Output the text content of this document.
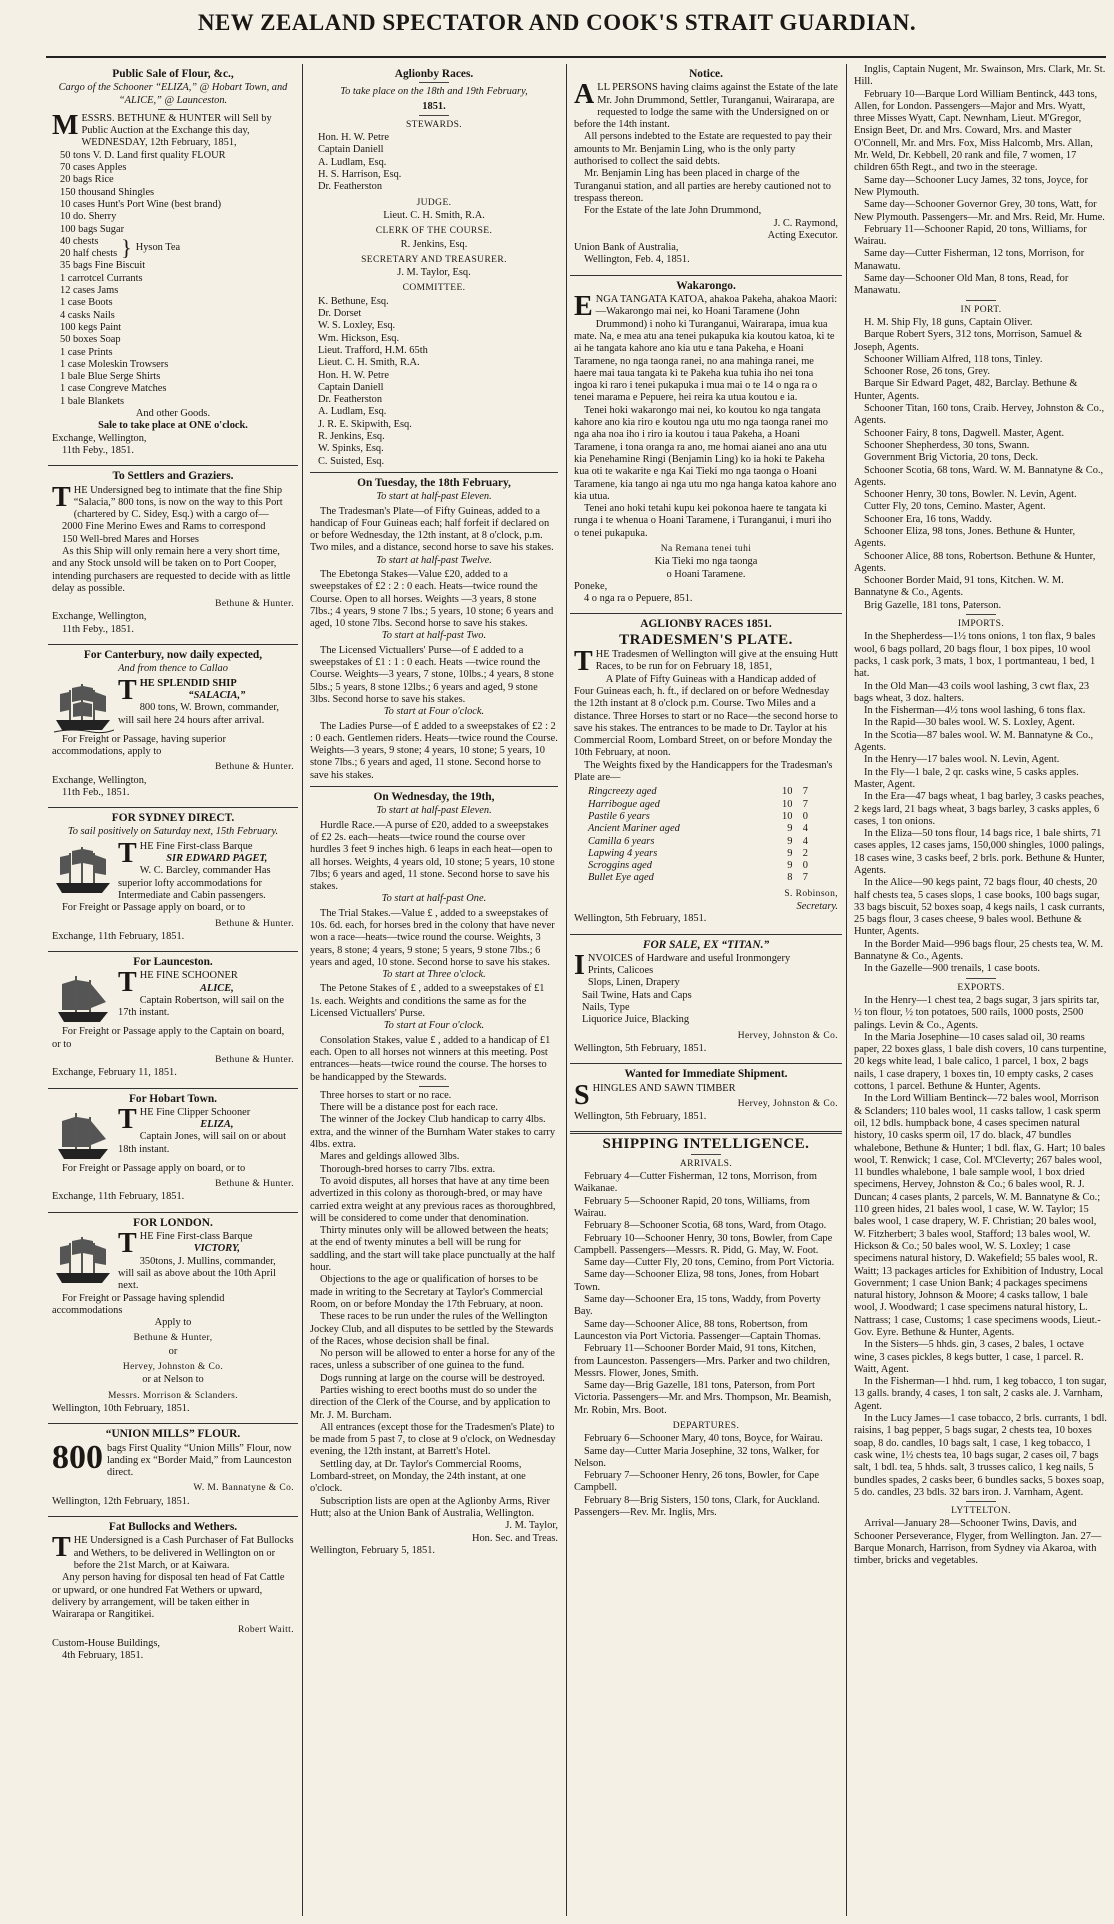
NEW ZEALAND SPECTATOR AND COOK'S STRAIT GUARDIAN.
Public Sale of Flour, &c.,
Cargo of the Schooner “ELIZA,” @ Hobart Town, and “ALICE,” @ Launceston.

MESSRS. BETHUNE & HUNTER will Sell by Public Auction at the Exchange this day, WEDNESDAY, 12th February, 1851,

50 tons V. D. Land first quality FLOUR
70 cases Apples
20 bags Rice
150 thousand Shingles
10 cases Hunt's Port Wine (best brand)
10 do. Sherry
100 bags Sugar
40 chests
20 half chests } Hyson Tea
35 bags Fine Biscuit
1 carrotcel Currants
12 cases Jams
1 case Boots
4 casks Nails
100 kegs Paint
50 boxes Soap
1 case Prints
1 case Moleskin Trowsers
1 bale Blue Serge Shirts
1 case Congreve Matches
1 bale Blankets
And other Goods.
Sale to take place at ONE o'clock.
Exchange, Wellington,
11th Feby., 1851.
To Settlers and Graziers.

THE Undersigned beg to intimate that the fine Ship “Salacia,” 800 tons, is now on the way to this Port (chartered by C. Sidey, Esq.) with a cargo of—

2000 Fine Merino Ewes and Rams to correspond
150 Well-bred Mares and Horses

As this Ship will only remain here a very short time, and any Stock unsold will be taken on to Port Cooper, intending purchasers are requested to decide with as little delay as possible.

Bethune & Hunter.
Exchange, Wellington,
11th Feby., 1851.
For Canterbury, now daily expected,
And from thence to Callao
THE SPLENDID SHIP
“SALACIA,”

800 tons, W. Brown, commander, will sail here 24 hours after arrival.

For Freight or Passage, having superior accommodations, apply to

Bethune & Hunter.
Exchange, Wellington,
11th Feb., 1851.
FOR SYDNEY DIRECT.
To sail positively on Saturday next, 15th February.
THE Fine First-class Barque
SIR EDWARD PAGET,

W. C. Barcley, commander Has superior lofty accommodations for Intermediate and Cabin passengers.

For Freight or Passage apply on board, or to

Bethune & Hunter.
Exchange, 11th February, 1851.
For Launceston.
THE FINE SCHOONER
ALICE,

Captain Robertson, will sail on the 17th instant.

For Freight or Passage apply to the Captain on board, or to

Bethune & Hunter.
Exchange, February 11, 1851.
For Hobart Town.
THE Fine Clipper Schooner
ELIZA,

Captain Jones, will sail on or about 18th instant.

For Freight or Passage apply on board, or to

Bethune & Hunter.
Exchange, 11th February, 1851.
FOR LONDON.
THE Fine First-class Barque
VICTORY,

350tons, J. Mullins, commander, will sail as above about the 10th April next.

For Freight or Passage having splendid accommodations

Apply to
Bethune & Hunter,
or
Hervey, Johnston & Co.
or at Nelson to
Messrs. Morrison & Sclanders.
Wellington, 10th February, 1851.
“UNION MILLS” FLOUR.

800 bags First Quality “Union Mills” Flour, now landing ex “Border Maid,” from Launceston direct.

W. M. Bannatyne & Co.
Wellington, 12th February, 1851.
Fat Bullocks and Wethers.

THE Undersigned is a Cash Purchaser of Fat Bullocks and Wethers, to be delivered in Wellington on or before the 21st March, or at Kaiwara.

Any person having for disposal ten head of Fat Cattle or upward, or one hundred Fat Wethers or upward, delivery by arrangement, will be taken either in Wairarapa or Rangitikei.

Robert Waitt.
Custom-House Buildings,
4th February, 1851.
Aglionby Races.
To take place on the 18th and 19th February,
1851.
STEWARDS.
Hon. H. W. Petre
Captain Daniell
A. Ludlam, Esq.
H. S. Harrison, Esq.
Dr. Featherston
JUDGE.
Lieut. C. H. Smith, R.A.
CLERK OF THE COURSE.
R. Jenkins, Esq.
SECRETARY AND TREASURER.
J. M. Taylor, Esq.
COMMITTEE.
K. Bethune, Esq.
Dr. Dorset
W. S. Loxley, Esq.
Wm. Hickson, Esq.
Lieut. Trafford, H.M. 65th
Lieut. C. H. Smith, R.A.
Hon. H. W. Petre
Captain Daniell
Dr. Featherston
A. Ludlam, Esq.
J. R. E. Skipwith, Esq.
R. Jenkins, Esq.
W. Spinks, Esq.
C. Suisted, Esq.
On Tuesday, the 18th February,
To start at half-past Eleven.

The Tradesman's Plate—of Fifty Guineas, added to a handicap of Four Guineas each; half forfeit if declared on or before Wednesday, the 12th instant, at 8 o'clock, p.m. Two miles, and a distance, second horse to save his stakes.

To start at half-past Twelve.

The Ebetonga Stakes—Value £20, added to a sweepstakes of £2 : 2 : 0 each. Heats—twice round the Course. Open to all horses. Weights —3 years, 8 stone 7lbs.; 4 years, 9 stone 7 lbs.; 5 years, 10 stone; 6 years and aged, 10 stone 7lbs. Second horse to save his stakes.

To start at half-past Two.

The Licensed Victuallers' Purse—of £ added to a sweepstakes of £1 : 1 : 0 each. Heats —twice round the Course. Weights—3 years, 7 stone, 10lbs.; 4 years, 8 stone 5lbs.; 5 years, 8 stone 12lbs.; 6 years and aged, 9 stone 3lbs. Second horse to save his stakes.

To start at Four o'clock.

The Ladies Purse—of £ added to a sweepstakes of £2 : 2 : 0 each. Gentlemen riders. Heats—twice round the Course. Weights—3 years, 9 stone; 4 years, 10 stone; 5 years, 10 stone 7lbs.; 6 years and aged, 11 stone. Second horse to save his stakes.

On Wednesday, the 19th,
To start at half-past Eleven.

Hurdle Race.—A purse of £20, added to a sweepstakes of £2 2s. each—heats—twice round the course over hurdles 3 feet 9 inches high. 6 leaps in each heat—open to all horses. Weights, 4 years old, 10 stone; 5 years, 10 stone 7lbs; 6 years and aged, 11 stone. Second horse to save his stakes.

To start at half-past One.

The Trial Stakes.—Value £ , added to a sweepstakes of 10s. 6d. each, for horses bred in the colony that have never won a race—heats—twice round the course. Weights, 3 years, 8 stone; 4 years, 9 stone; 5 years, 9 stone 7lbs.; 6 years and aged, 10 stone. Second horse to save his stakes.

To start at Three o'clock.

The Petone Stakes of £ , added to a sweepstakes of £1 1s. each. Weights and conditions the same as for the Licensed Victuallers' Purse.

To start at Four o'clock.

Consolation Stakes, value £ , added to a handicap of £1 each. Open to all horses not winners at this meeting. Post entrances—heats—twice round the course. The horses to be handicapped by the Stewards.

Three horses to start or no race.
There will be a distance post for each race.
The winner of the Jockey Club handicap to carry 4lbs. extra, and the winner of the Burnham Water stakes to carry 4lbs. extra.
Mares and geldings allowed 3lbs.
Thorough-bred horses to carry 7lbs. extra.
To avoid disputes, all horses that have at any time been advertized in this colony as thorough-bred, or may have carried extra weight at any previous races as thoroughbred, will be considered to come under that denomination.
Thirty minutes only will be allowed between the heats; at the end of twenty minutes a bell will be rung for saddling, and the start will take place punctually at the half hour.
Objections to the age or qualification of horses to be made in writing to the Secretary at Taylor's Commercial Room, on or before Monday the 17th February, at noon.
These races to be run under the rules of the Wellington Jockey Club, and all disputes to be settled by the Stewards of the Races, whose decision shall be final.
No person will be allowed to enter a horse for any of the races, unless a subscriber of one guinea to the fund.
Dogs running at large on the course will be destroyed.
Parties wishing to erect booths must do so under the direction of the Clerk of the Course, and by application to Mr. J. M. Burcham.
All entrances (except those for the Tradesmen's Plate) to be made from 5 past 7, to close at 9 o'clock, on Wednesday evening, the 12th instant, at Barrett's Hotel.
Settling day, at Dr. Taylor's Commercial Rooms, Lombard-street, on Monday, the 24th instant, at one o'clock.
Subscription lists are open at the Aglionby Arms, River Hutt; also at the Union Bank of Australia, Wellington.
J. M. Taylor,
Hon. Sec. and Treas.
Wellington, February 5, 1851.
Notice.

ALL PERSONS having claims against the Estate of the late Mr. John Drummond, Settler, Turanganui, Wairarapa, are requested to lodge the same with the Undersigned on or before the 14th instant.

All persons indebted to the Estate are requested to pay their amounts to Mr. Benjamin Ling, who is the only party authorised to collect the said debts.

Mr. Benjamin Ling has been placed in charge of the Turanganui station, and all parties are hereby cautioned not to trespass thereon.

For the Estate of the late John Drummond,

J. C. Raymond,
Acting Executor.
Union Bank of Australia,
Wellington, Feb. 4, 1851.
Wakarongo.

ENGA TANGATA KATOA, ahakoa Pakeha, ahakoa Maori:—Wakarongo mai nei, ko Hoani Taramene (John Drummond) i noho ki Turanganui, Wairarapa, imua kua mate. Na, e mea atu ana tenei pukapuka kia koutou katoa, ki te ai he tangata kahore ano kia utu e tana Pakeha, e Hoani Taramene, no nga taonga ranei, no ana mahinga ranei, me haere mai taua tangata ki te Pakeha kua tuhia iho nei tona ingoa ki raro i tenei pukapuka i mua mai o te 14 o nga ra o tenei marama e Pepuere, hei reira ka utua koutou e ia.

Tenei hoki wakarongo mai nei, ko koutou ko nga tangata kahore ano kia riro e koutou nga utu mo nga taonga ranei mo nga aha noa iho i riro ia koutou i taua Pakeha, a Hoani Taramene, i tona oranga ra ano, me homai aianei ano ana utu kia Penehamine Ringi (Benjamin Ling) ko ia hoki te Pakeha kua oti te wakarite e nga Kai Tieki mo nga taonga o Hoani Taramene, kia tango ai nga utu mo nga hanga katoa kahore ano kia utua.

Tenei ano hoki tetahi kupu kei pokonoa haere te tangata ki runga i te whenua o Hoani Taramene, i Turanganui, i muri iho o tenei pukapuka.

Na Remana tenei tuhi
Kia Tieki mo nga taonga
o Hoani Taramene.
Poneke,
4 o nga ra o Pepuere, 851.
AGLIONBY RACES 1851.
TRADESMEN'S PLATE.

THE Tradesmen of Wellington will give at the ensuing Hutt Races, to be run for on February 18, 1851,

A Plate of Fifty Guineas with a Handicap added of Four Guineas each, h. ft., if declared on or before Wednesday the 12th instant at 8 o'clock p.m. Course. Two Miles and a distance. Three Horses to start or no Race—the second horse to save his stakes. The entrances to be made to Dr. Taylor at his Commercial Room, Lombard Street, on or before Monday the 10th February, at noon.

The Weights fixed by the Handicappers for the Tradesman's Plate are—

Ringcreezy aged	10  7
Harribogue aged	10  7
Pastile 6 years	10  0
Ancient Mariner aged	9  4
Camilla 6 years	9  4
Lapwing 4 years	9  2
Scroggins aged	9  0
Bullet Eye aged	8  7
S. Robinson,
Secretary.
Wellington, 5th February, 1851.
FOR SALE, EX “TITAN.”

INVOICES of Hardware and useful Ironmongery

Prints, Calicoes
Slops, Linen, Drapery
Sail Twine, Hats and Caps
Nails, Type
Liquorice Juice, Blacking
Hervey, Johnston & Co.
Wellington, 5th February, 1851.
Wanted for Immediate Shipment.

SHINGLES AND SAWN TIMBER

Hervey, Johnston & Co.
Wellington, 5th February, 1851.
SHIPPING INTELLIGENCE.
ARRIVALS.
February 4—Cutter Fisherman, 12 tons, Morrison, from Waikanae.
February 5—Schooner Rapid, 20 tons, Williams, from Wairau.
February 8—Schooner Scotia, 68 tons, Ward, from Otago.
February 10—Schooner Henry, 30 tons, Bowler, from Cape Campbell. Passengers—Messrs. R. Pidd, G. May, W. Foot.
Same day—Cutter Fly, 20 tons, Cemino, from Port Victoria.
Same day—Schooner Eliza, 98 tons, Jones, from Hobart Town.
Same day—Schooner Era, 15 tons, Waddy, from Poverty Bay.
Same day—Schooner Alice, 88 tons, Robertson, from Launceston via Port Victoria. Passenger—Captain Thomas.
February 11—Schooner Border Maid, 91 tons, Kitchen, from Launceston. Passengers—Mrs. Parker and two children, Messrs. Flower, Jones, Smith.
Same day—Brig Gazelle, 181 tons, Paterson, from Port Victoria. Passengers—Mr. and Mrs. Thompson, Mr. Beamish, Mr. Robin, Mrs. Boot.
DEPARTURES.
February 6—Schooner Mary, 40 tons, Boyce, for Wairau.
Same day—Cutter Maria Josephine, 32 tons, Walker, for Nelson.
February 7—Schooner Henry, 26 tons, Bowler, for Cape Campbell.
February 8—Brig Sisters, 150 tons, Clark, for Auckland. Passengers—Rev. Mr. Inglis, Mrs.
Inglis, Captain Nugent, Mr. Swainson, Mrs. Clark, Mr. St. Hill.
February 10—Barque Lord William Bentinck, 443 tons, Allen, for London. Passengers—Major and Mrs. Wyatt, three Misses Wyatt, Capt. Newnham, Lieut. M'Gregor, Ensign Beet, Dr. and Mrs. Coward, Mrs. and Master O'Connell, Mr. and Mrs. Fox, Miss Halcomb, Mrs. Allan, Mr. Weld, Dr. Kebbell, 20 rank and file, 7 women, 17 children 65th Regt., and two in the steerage.
Same day—Schooner Lucy James, 32 tons, Joyce, for New Plymouth.
Same day—Schooner Governor Grey, 30 tons, Watt, for New Plymouth. Passengers—Mr. and Mrs. Reid, Mr. Hume.
February 11—Schooner Rapid, 20 tons, Williams, for Wairau.
Same day—Cutter Fisherman, 12 tons, Morrison, for Manawatu.
Same day—Schooner Old Man, 8 tons, Read, for Manawatu.
IN PORT.
H. M. Ship Fly, 18 guns, Captain Oliver.
Barque Robert Syers, 312 tons, Morrison, Samuel & Joseph, Agents.
Schooner William Alfred, 118 tons, Tinley.
Schooner Rose, 26 tons, Grey.
Barque Sir Edward Paget, 482, Barclay. Bethune & Hunter, Agents.
Schooner Titan, 160 tons, Craib. Hervey, Johnston & Co., Agents.
Schooner Fairy, 8 tons, Dagwell. Master, Agent.
Schooner Shepherdess, 30 tons, Swann.
Government Brig Victoria, 20 tons, Deck.
Schooner Scotia, 68 tons, Ward. W. M. Bannatyne & Co., Agents.
Schooner Henry, 30 tons, Bowler. N. Levin, Agent.
Cutter Fly, 20 tons, Cemino. Master, Agent.
Schooner Era, 16 tons, Waddy.
Schooner Eliza, 98 tons, Jones. Bethune & Hunter, Agents.
Schooner Alice, 88 tons, Robertson. Bethune & Hunter, Agents.
Schooner Border Maid, 91 tons, Kitchen. W. M. Bannatyne & Co., Agents.
Brig Gazelle, 181 tons, Paterson.
IMPORTS.
In the Shepherdess—1½ tons onions, 1 ton flax, 9 bales wool, 6 bags pollard, 20 bags flour, 1 box pipes, 10 wool packs, 1 cask pork, 3 mats, 1 box, 1 portmanteau, 1 bed, 1 hat.
In the Old Man—43 coils wool lashing, 3 cwt flax, 23 bags wheat, 3 doz. halters.
In the Fisherman—4½ tons wool lashing, 6 tons flax.
In the Rapid—30 bales wool. W. S. Loxley, Agent.
In the Scotia—87 bales wool. W. M. Bannatyne & Co., Agents.
In the Henry—17 bales wool. N. Levin, Agent.
In the Fly—1 bale, 2 qr. casks wine, 5 casks apples. Master, Agent.
In the Era—47 bags wheat, 1 bag barley, 3 casks peaches, 2 kegs lard, 21 bags wheat, 3 bags barley, 3 casks apples, 6 cases, 1 ton onions.
In the Eliza—50 tons flour, 14 bags rice, 1 bale shirts, 71 cases apples, 12 cases jams, 150,000 shingles, 1000 palings, 18 cases wine, 3 casks beef, 2 brls. pork. Bethune & Hunter, Agents.
In the Alice—90 kegs paint, 72 bags flour, 40 chests, 20 half chests tea, 5 cases slops, 1 case books, 100 bags sugar, 33 bags biscuit, 52 boxes soap, 4 kegs nails, 1 cask currants, 25 bags flour, 3 cases cheese, 9 bales wool. Bethune & Hunter, Agents.
In the Border Maid—996 bags flour, 25 chests tea, W. M. Bannatyne & Co., Agents.
In the Gazelle—900 trenails, 1 case boots.
EXPORTS.
In the Henry—1 chest tea, 2 bags sugar, 3 jars spirits tar, ½ ton flour, ½ ton potatoes, 500 rails, 1000 posts, 2500 palings. Levin & Co., Agents.
In the Maria Josephine—10 cases salad oil, 30 reams paper, 22 boxes glass, 1 bale dish covers, 10 cans turpentine, 20 kegs white lead, 1 bale calico, 1 parcel, 1 box, 2 bags nails, 1 case drapery, 1 boxes tin, 10 empty casks, 2 cases cottons, 1 parcel. Bethune & Hunter, Agents.
In the Lord William Bentinck—72 bales wool, Morrison & Sclanders; 110 bales wool, 11 casks tallow, 1 cask sperm oil, 12 bdls. humpback bone, 4 cases specimen natural history, 10 casks sperm oil, 17 do. black, 47 bundles whalebone, Bethune & Hunter; 1 bdl. flax, G. Hart; 10 bales wool, T. Renwick; 1 case, Col. M'Cleverty; 267 bales wool, 11 bundles whalebone, 1 bale sample wool, 1 box dried specimens, Hervey, Johnston & Co.; 6 bales wool, R. J. Duncan; 4 cases plants, 2 parcels, W. M. Bannatyne & Co.; 110 green hides, 21 bales wool, 1 case, W. W. Taylor; 15 bales wool, 1 case drapery, W. F. Christian; 20 bales wool, W. Fitzherbert; 3 bales wool, Stafford; 13 bales wool, W. Hickson & Co.; 50 bales wool, W. S. Loxley; 1 case specimens natural history, D. Wakefield; 55 bales wool, R. Waitt; 13 packages articles for Exhibition of Industry, Local Government; 1 case Union Bank; 4 packages specimens natural history, Johnson & Moore; 4 casks tallow, 1 bale wool, J. Woodward; 1 case specimens natural history, L. Nattrass; 1 case, Customs; 1 case specimens woods, Lieut.-Gov. Eyre. Bethune & Hunter, Agents.
In the Sisters—5 hhds. gin, 3 cases, 2 bales, 1 octave wine, 3 cases pickles, 8 kegs butter, 1 case, 1 parcel. R. Waitt, Agent.
In the Fisherman—1 hhd. rum, 1 keg tobacco, 1 ton sugar, 13 galls. brandy, 4 cases, 1 ton salt, 2 casks ale. J. Varnham, Agent.
In the Lucy James—1 case tobacco, 2 brls. currants, 1 bdl. raisins, 1 bag pepper, 5 bags sugar, 2 chests tea, 10 boxes soap, 8 do. candles, 10 bags salt, 1 case, 1 keg tobacco, 1 cask wine, 1½ chests tea, 10 bags sugar, 2 cases oil, 7 bags salt, 1 bdl. tea, 5 hhds. salt, 3 trusses calico, 1 keg nails, 5 bundles spades, 2 casks beer, 6 bundles sacks, 5 boxes soap, 5 do. candles, 23 bdls. 32 bars iron. J. Varnham, Agent.
LYTTELTON.

Arrival—January 28—Schooner Twins, Davis, and Schooner Perseverance, Flyger, from Wellington. Jan. 27—Barque Monarch, Harrison, from Sydney via Akaroa, with timber, bricks and vegetables.
